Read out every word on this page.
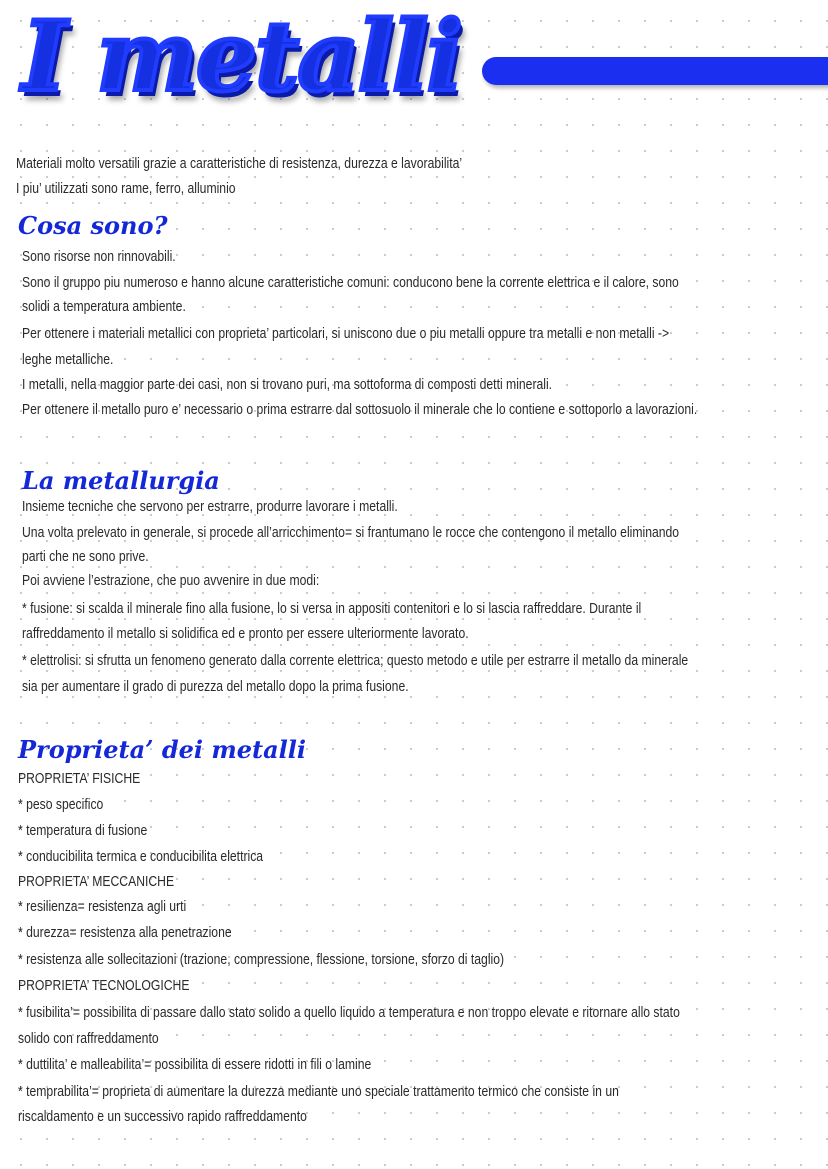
I metalli
Materiali molto versatili grazie a caratteristiche di resistenza, durezza e lavorabilita’
I piu’ utilizzati sono rame, ferro, alluminio
Cosa sono?
Sono risorse non rinnovabili.
Sono il gruppo piu numeroso e hanno alcune caratteristiche comuni: conducono bene la corrente elettrica e il calore, sono
solidi a temperatura ambiente.
Per ottenere i materiali metallici con proprieta’ particolari, si uniscono due o piu metalli oppure tra metalli e non metalli ->
leghe metalliche.
I metalli, nella maggior parte dei casi, non si trovano puri, ma sottoforma di composti detti minerali.
Per ottenere il metallo puro e’ necessario o prima estrarre dal sottosuolo il minerale che lo contiene e sottoporlo a lavorazioni.
La metallurgia
Insieme tecniche che servono per estrarre, produrre lavorare i metalli.
Una volta prelevato in generale, si procede all’arricchimento= si frantumano le rocce che contengono il metallo eliminando
parti che ne sono prive.
Poi avviene l’estrazione, che puo avvenire in due modi:
* fusione: si scalda il minerale fino alla fusione, lo si versa in appositi contenitori e lo si lascia raffreddare. Durante il
raffreddamento il metallo si solidifica ed e pronto per essere ulteriormente lavorato.
* elettrolisi: si sfrutta un fenomeno generato dalla corrente elettrica; questo metodo e utile per estrarre il metallo da minerale
sia per aumentare il grado di purezza del metallo dopo la prima fusione.
Proprieta’ dei metalli
PROPRIETA’ FISICHE
* peso specifico
* temperatura di fusione
* conducibilita termica e conducibilita elettrica
PROPRIETA’ MECCANICHE
* resilienza= resistenza agli urti
* durezza= resistenza alla penetrazione
* resistenza alle sollecitazioni (trazione, compressione, flessione, torsione, sforzo di taglio)
PROPRIETA’ TECNOLOGICHE
* fusibilita’= possibilita di passare dallo stato solido a quello liquido a temperatura e non troppo elevate e ritornare allo stato
solido con raffreddamento
* duttilita’ e malleabilita’= possibilita di essere ridotti in fili o lamine
* temprabilita’= proprieta di aumentare la durezza mediante uno speciale trattamento termico che consiste in un
riscaldamento e un successivo rapido raffreddamento
